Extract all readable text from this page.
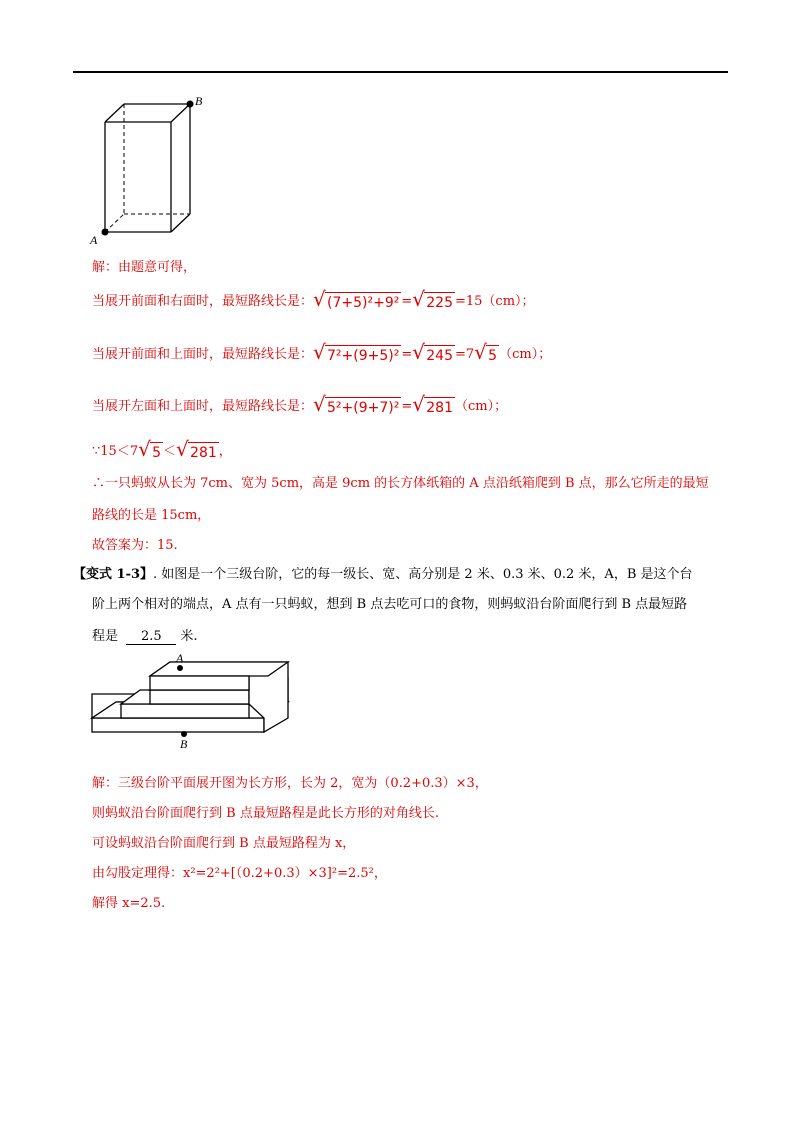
A
B
解：由题意可得，
当展开前面和右面时，最短路线长是： √ (7+5)²+9² = √ 225 =15（cm）；
当展开前面和上面时，最短路线长是： √ 7²+(9+5)² = √ 245 =7 √ 5 （cm）；
当展开左面和上面时，最短路线长是： √ 5²+(9+7)² = √ 281 （cm）；
∵15＜7 √ 5 ＜ √ 281 ，
∴一只蚂蚁从长为 7cm、宽为 5cm，高是 9cm 的长方体纸箱的 A 点沿纸箱爬到 B 点，那么它所走的最短
路线的长是 15cm，
故答案为：15.
【变式 1-3】. 如图是一个三级台阶，它的每一级长、宽、高分别是 2 米、0.3 米、0.2 米，A，B 是这个台
阶上两个相对的端点，A 点有一只蚂蚁，想到 B 点去吃可口的食物，则蚂蚁沿台阶面爬行到 B 点最短路
程是 2.5 米.
A
B
解：三级台阶平面展开图为长方形，长为 2，宽为（0.2+0.3）×3，
则蚂蚁沿台阶面爬行到 B 点最短路程是此长方形的对角线长.
可设蚂蚁沿台阶面爬行到 B 点最短路程为 x，
由勾股定理得：x²=2²+[（0.2+0.3）×3]²=2.5²，
解得 x=2.5.
